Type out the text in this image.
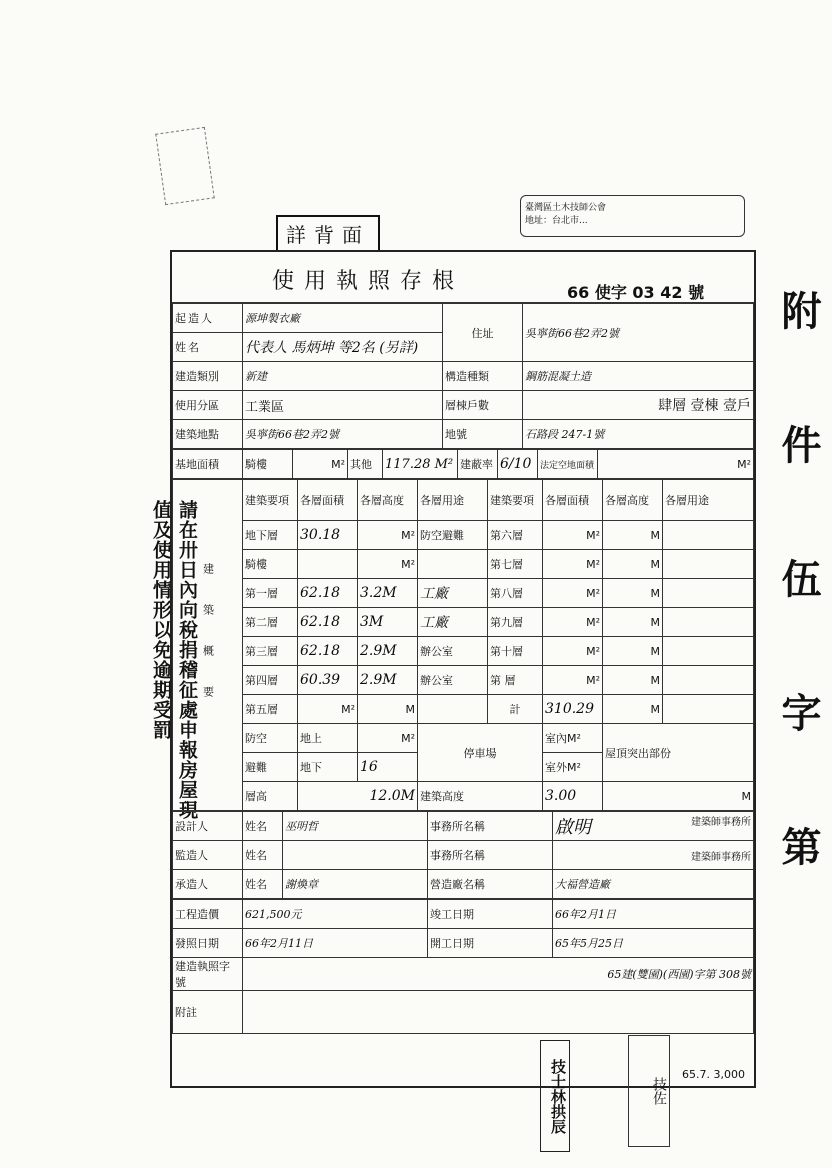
詳背面
臺灣區土木技師公會
地址：台北市...
附 件 伍 字 第
請在卅日內向稅捐稽征處申報房屋現值及使用情形以免逾期受罰
使用執照存根	66 使字 03 42 號
起造人	源坤製衣廠	住址	吳寧街66巷2弄2號
姓名	代表人 馬炳坤 等2名 (另詳)		
建造類別	新建	構造種類	鋼筋混凝土造
使用分區	工業區	層棟戶數	肆層 壹棟 壹戶
建築地點	吳寧街66巷2弄2號	地號	石路段 247-1號
基地面積	騎樓	M²	其他	117.28 M²	建蔽率	6/10	法定空地面積	M²
建築概要	建築要項	各層面積	各層高度	各層用途	建築要項	各層面積	各層高度	各層用途
	地下層	30.18	M²	防空避難	第六層	M²	M	
	騎樓		M²		第七層	M²	M	
	第一層	62.18	3.2M	工廠	第八層	M²	M	
	第二層	62.18	3M	工廠	第九層	M²	M	
	第三層	62.18	2.9M	辦公室	第十層	M²	M	
	第四層	60.39	2.9M	辦公室	第 層	M²	M	
	第五層	M²	M		計	310.29	M	
	防空	地上	M²	停車場		室內M²	屋頂突出部份	
	避難	地下	16			室外M²		
	層高	12.0M		建築高度		3.00	M	
設計人	姓名	巫明哲	事務所名稱	啟明 建築師事務所

監造人	姓名		事務所名稱	建築師事務所
承造人	姓名	謝煥章	營造廠名稱	大福營造廠
工程造價	621,500元	竣工日期	66年2月1日
發照日期	66年2月11日	開工日期	65年5月25日
建造執照字號	65建(雙園)(西園)字第 308號		
附註			
技士林拱辰	技佐
65.7. 3,000
